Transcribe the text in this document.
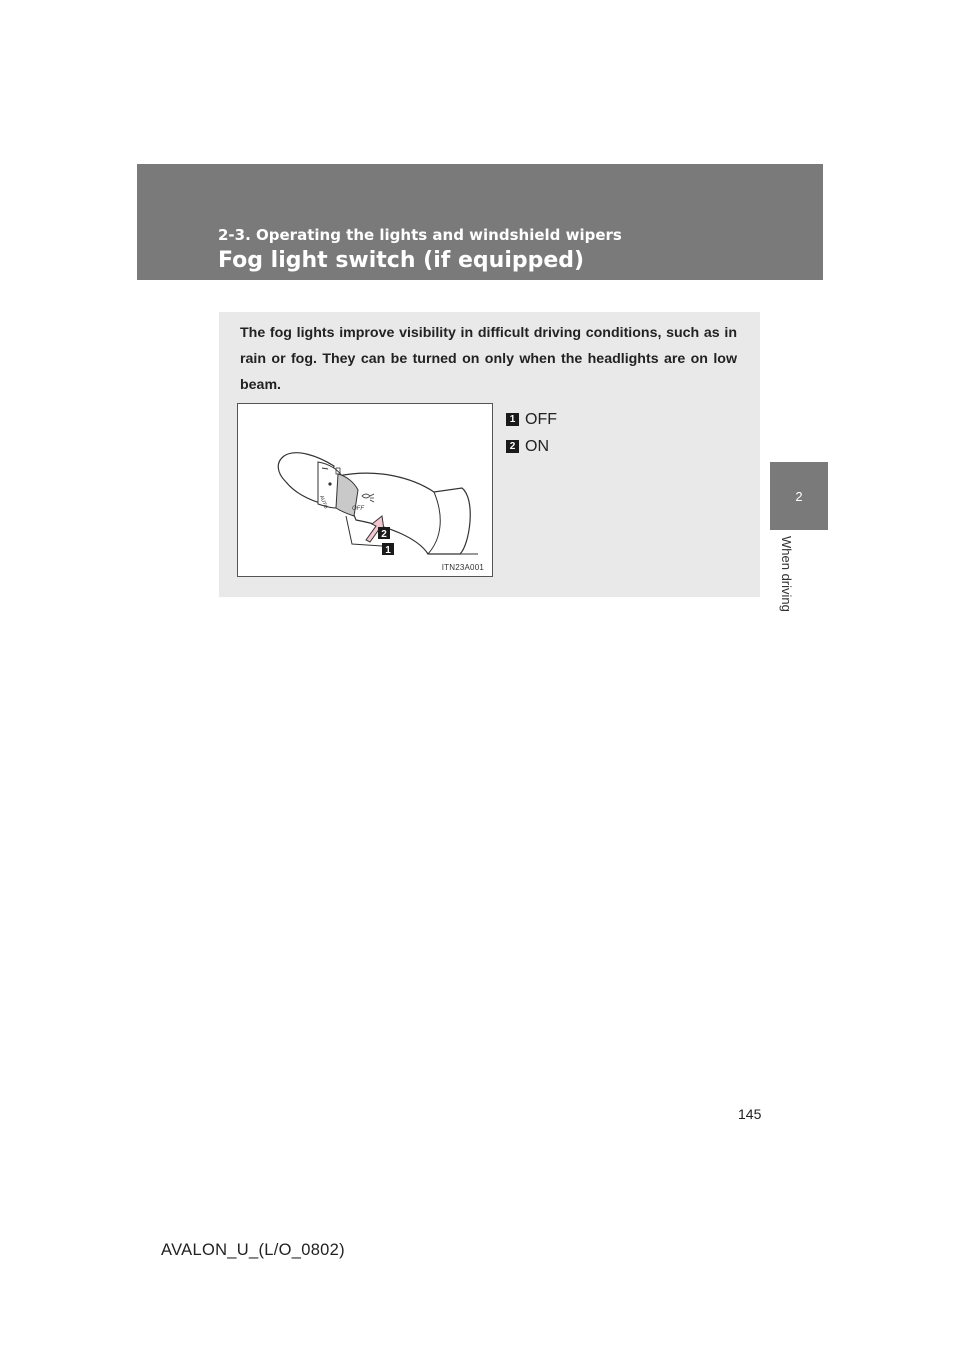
2-3. Operating the lights and windshield wipers
Fog light switch (if equipped)
2
When driving

The fog lights improve visibility in difficult driving conditions, such as in rain or fog. They can be turned on only when the headlights are on low beam.

AUTO	OFF
2
1
ITN23A001
1 OFF
2 ON
145
AVALON_U_(L/O_0802)
